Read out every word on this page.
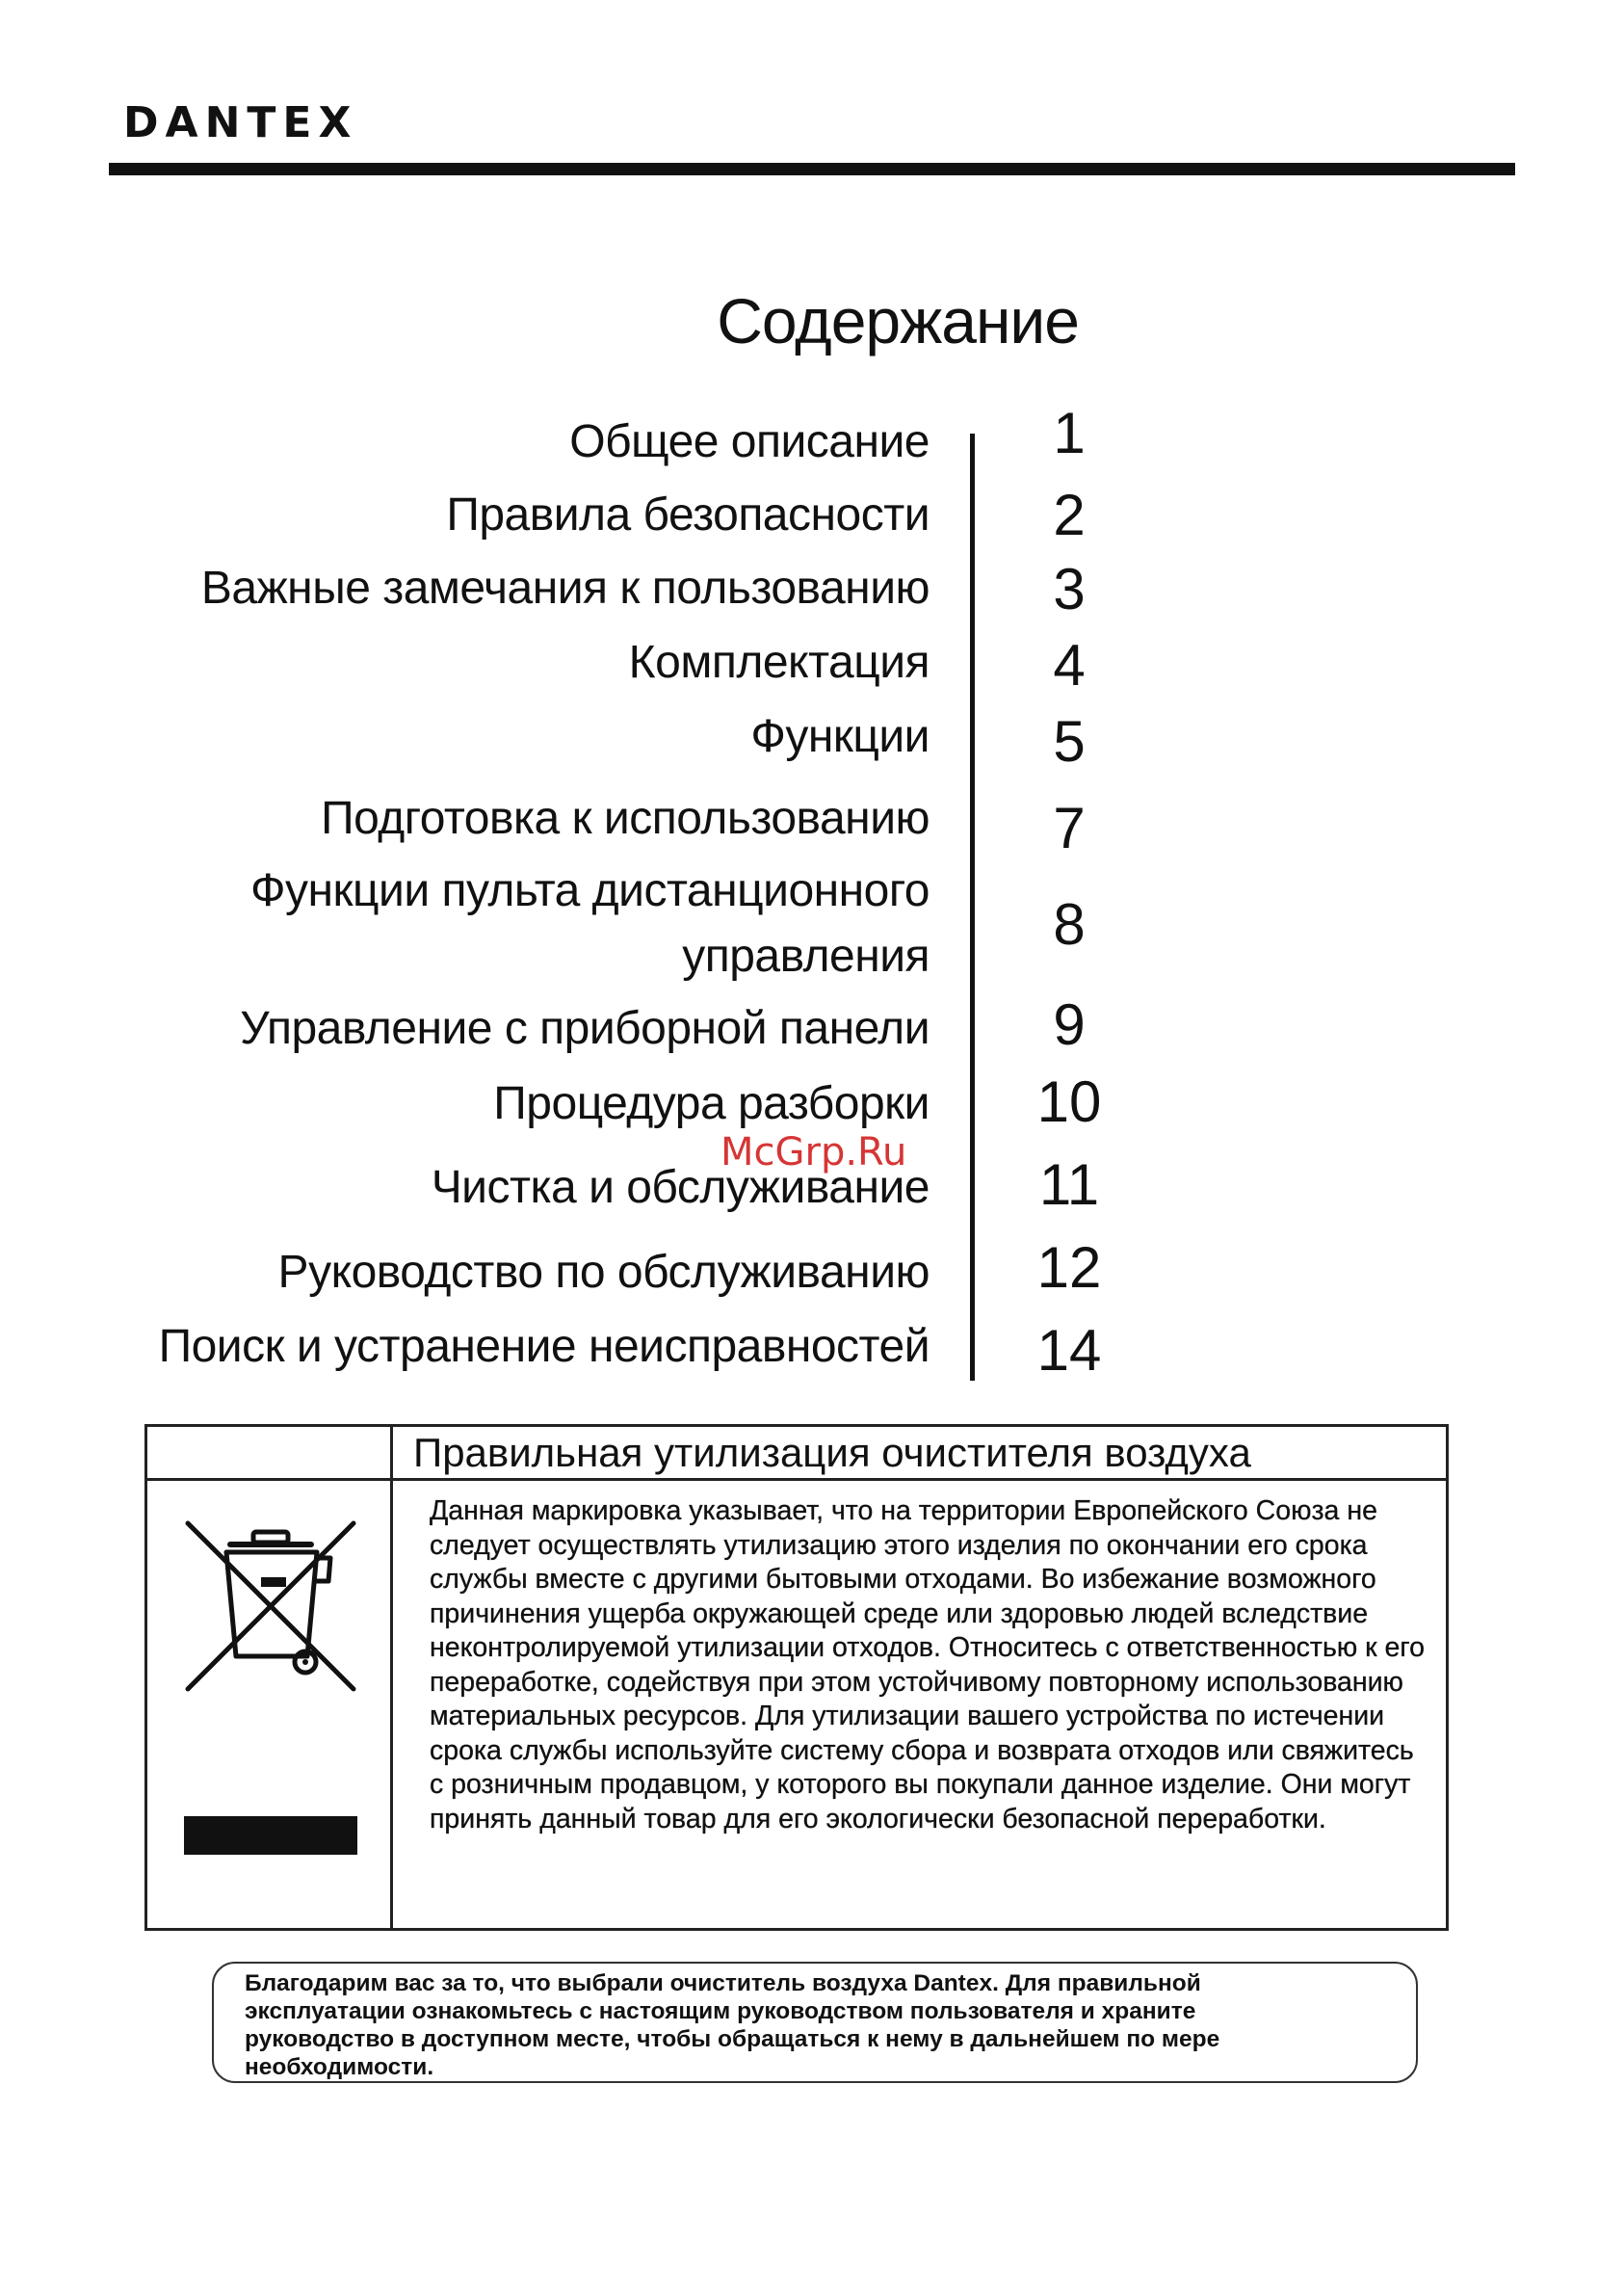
DANTEX
Содержание
Общее описание	1
Правила безопасности	2
Важные замечания к пользованию	3
Комплектация	4
Функции	5
Подготовка к использованию	7
Функции пульта дистанционного управления	8
Управление с приборной панели	9
Процедура разборки	10
Чистка и обслуживание	11
Руководство по обслуживанию	12
Поиск и устранение неисправностей	14
McGrp.Ru
Правильная утилизация очистителя воздуха
Данная маркировка указывает, что на территории Европейского Союза не следует осуществлять утилизацию этого изделия по окончании его срока службы вместе с другими бытовыми отходами. Во избежание возможного причинения ущерба окружающей среде или здоровью людей вследствие неконтролируемой утилизации отходов. Относитесь с ответственностью к его переработке, содействуя при этом устойчивому повторному использованию материальных ресурсов. Для утилизации вашего устройства по истечении срока службы используйте систему сбора и возврата отходов или свяжитесь с розничным продавцом, у которого вы покупали данное изделие. Они могут принять данный товар для его экологически безопасной переработки.
Благодарим вас за то, что выбрали очиститель воздуха Dantex. Для правильной эксплуатации ознакомьтесь с настоящим руководством пользователя и храните руководство в доступном месте, чтобы обращаться к нему в дальнейшем по мере необходимости.
